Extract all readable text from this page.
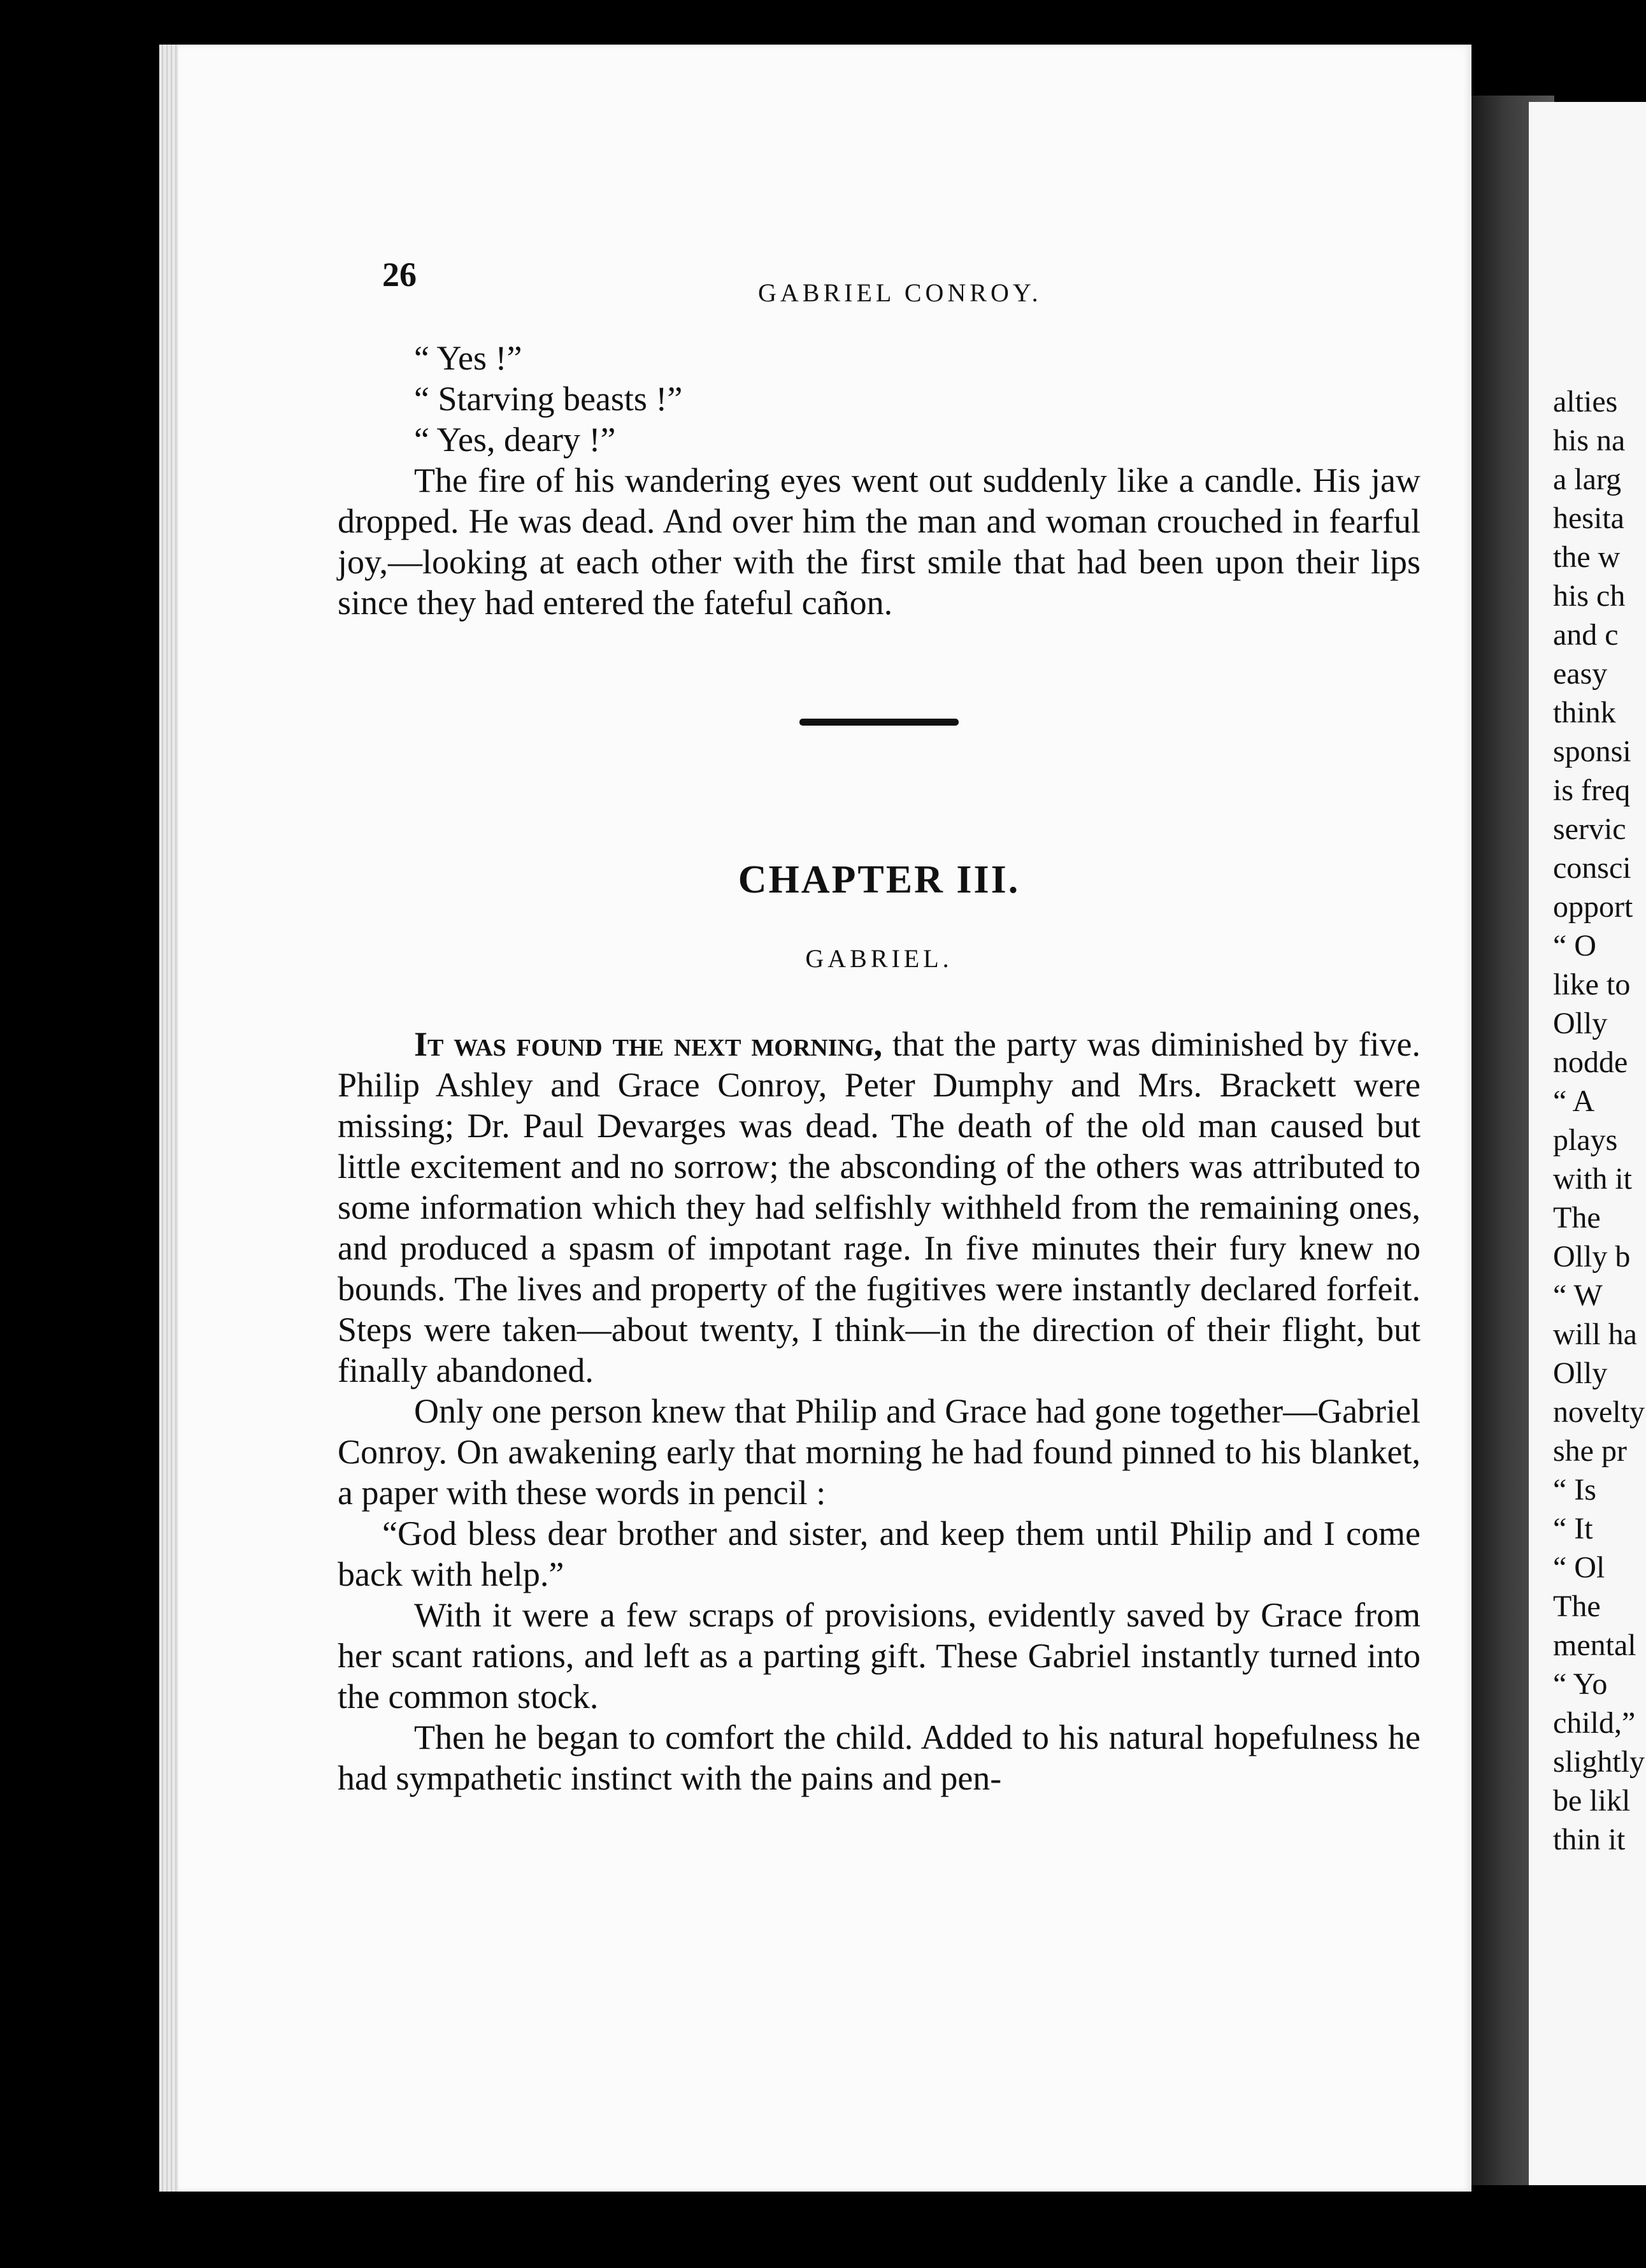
alties
his na
a larg
hesita
the w
his ch
and c
easy
think
sponsi
is freq
servic
consci
opport
“ O
like to
Olly
nodde
“ A
plays
with it
The
Olly b
“ W
will ha
Olly
novelty
she pr
“ Is
“ It
“ Ol
The
mental
“ Yo
child,”
slightly
be likl
thin it
26	GABRIEL CONROY.

“ Yes !”

“ Starving beasts !”

“ Yes, deary !”

The fire of his wandering eyes went out suddenly like a candle. His jaw dropped. He was dead. And over him the man and woman crouched in fearful joy,—looking at each other with the first smile that had been upon their lips since they had entered the fateful cañon.

CHAPTER III.
GABRIEL.

It was found the next morning, that the party was diminished by five. Philip Ashley and Grace Conroy, Peter Dumphy and Mrs. Brackett were missing; Dr. Paul Devarges was dead. The death of the old man caused but little excitement and no sorrow; the absconding of the others was attributed to some information which they had selfishly withheld from the remaining ones, and produced a spasm of impotant rage. In five minutes their fury knew no bounds. The lives and property of the fugitives were instantly declared forfeit. Steps were taken—about twenty, I think—in the direction of their flight, but finally abandoned.

Only one person knew that Philip and Grace had gone together—Gabriel Conroy. On awakening early that morning he had found pinned to his blanket, a paper with these words in pencil :

“God bless dear brother and sister, and keep them until Philip and I come back with help.”

With it were a few scraps of provisions, evidently saved by Grace from her scant rations, and left as a parting gift. These Gabriel instantly turned into the common stock.

Then he began to comfort the child. Added to his natural hopefulness he had sympathetic instinct with the pains and pen-
